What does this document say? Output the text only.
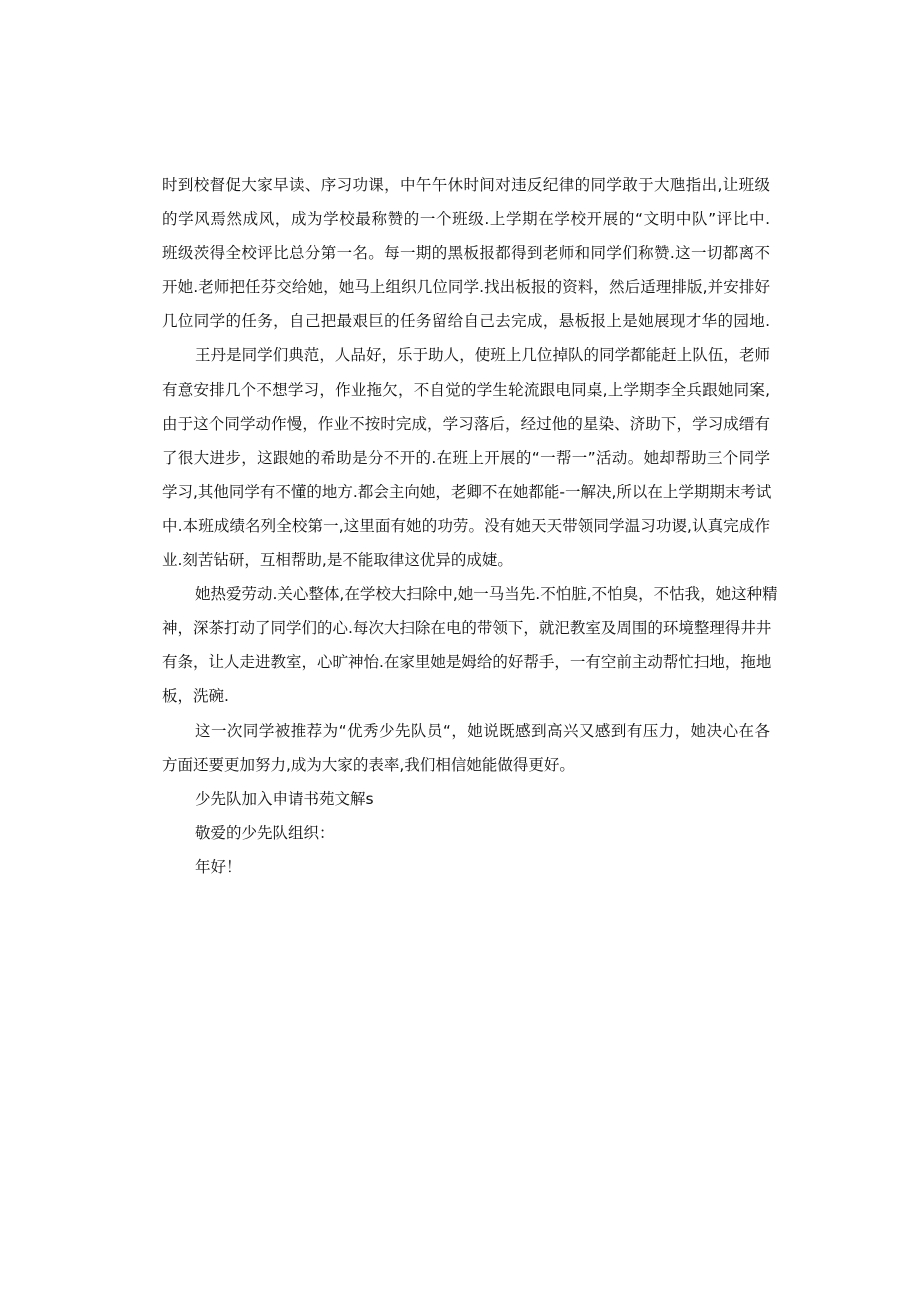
时到校督促大家早读、序习功课，中午午休时间对违反纪律的同学敢于大虺指出,让班级
的学风焉然成风，成为学校最称赞的一个班级.上学期在学校开展的“文明中队”评比中.
班级茨得全校评比总分第一名。每一期的黑板报都得到老师和同学们称赞.这一切都离不
开她.老师把任芬交给她，她马上组织几位同学.找出板报的资料，然后适理排版,并安排好
几位同学的任务，自己把最艰巨的任务留给自己去完成，悬板报上是她展现才华的园地.
王丹是同学们典范，人品好，乐于助人，使班上几位掉队的同学都能赶上队伍，老师
有意安排几个不想学习，作业拖欠，不自觉的学生轮流跟电同桌,上学期李全兵跟她同案,
由于这个同学动作慢，作业不按时完成，学习落后，经过他的星染、济助下，学习成缙有
了很大进步，这跟她的希助是分不开的.在班上开展的“一帮一”活动。她却帮助三个同学
学习,其他同学有不懂的地方.都会主向她，老卿不在她都能-一解决,所以在上学期期末考试
中.本班成绩名列全校第一,这里面有她的功劳。没有她天天带领同学温习功谡,认真完成作
业.刻苦钻研，互相帮助,是不能取律这优异的成婕。
她热爱劳动.关心整体,在学校大扫除中,她一马当先.不怕脏,不怕臭，不怙我，她这种精
神，深茶打动了同学们的心.每次大扫除在电的带领下，就汜教室及周围的环境整理得井井
有条，让人走进教室，心旷神怡.在家里她是姆给的好帮手，一有空前主动帮忙扫地，拖地
板，洗碗.
这一次同学被推荐为“优秀少先队员“，她说既感到高兴又感到有压力，她决心在各
方面还要更加努力,成为大家的表率,我们相信她能做得更好。
少先队加入申请书苑文解s
敬爱的少先队组织：
年好！
